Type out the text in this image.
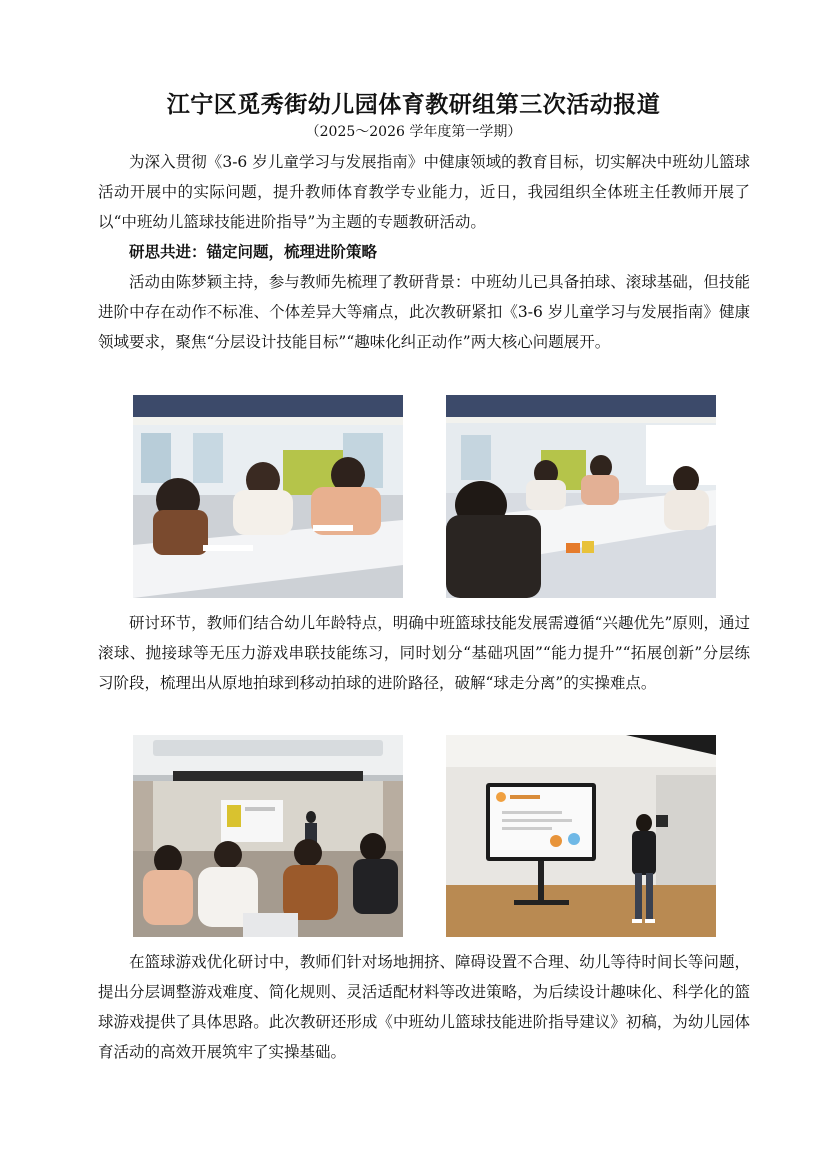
江宁区觅秀街幼儿园体育教研组第三次活动报道
（2025～2026 学年度第一学期）

为深入贯彻《3-6 岁儿童学习与发展指南》中健康领域的教育目标，切实解决中班幼儿篮球活动开展中的实际问题，提升教师体育教学专业能力，近日，我园组织全体班主任教师开展了以“中班幼儿篮球技能进阶指导”为主题的专题教研活动。

研思共进：锚定问题，梳理进阶策略

活动由陈梦颖主持，参与教师先梳理了教研背景：中班幼儿已具备拍球、滚球基础，但技能进阶中存在动作不标准、个体差异大等痛点，此次教研紧扣《3-6 岁儿童学习与发展指南》健康领域要求，聚焦“分层设计技能目标”“趣味化纠正动作”两大核心问题展开。

研讨环节，教师们结合幼儿年龄特点，明确中班篮球技能发展需遵循“兴趣优先”原则，通过滚球、抛接球等无压力游戏串联技能练习，同时划分“基础巩固”“能力提升”“拓展创新”分层练习阶段，梳理出从原地拍球到移动拍球的进阶路径，破解“球走分离”的实操难点。

在篮球游戏优化研讨中，教师们针对场地拥挤、障碍设置不合理、幼儿等待时间长等问题，提出分层调整游戏难度、简化规则、灵活适配材料等改进策略，为后续设计趣味化、科学化的篮球游戏提供了具体思路。此次教研还形成《中班幼儿篮球技能进阶指导建议》初稿，为幼儿园体育活动的高效开展筑牢了实操基础。
